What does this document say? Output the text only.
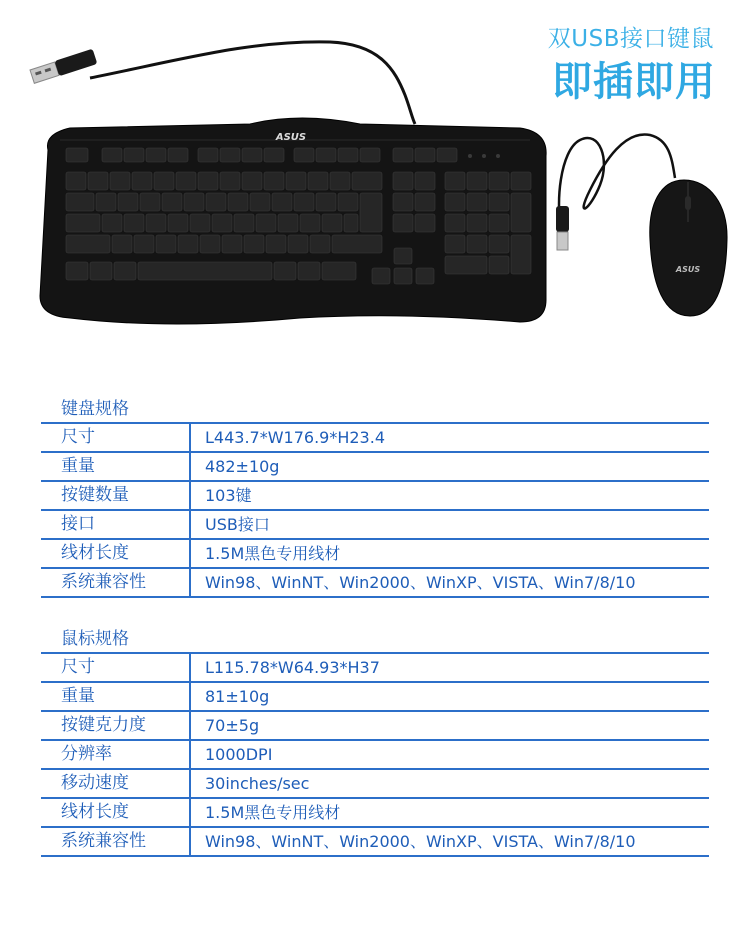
ASUS
ASUS
双USB接口键鼠
即插即用
键盘规格
尺寸	L443.7*W176.9*H23.4
重量	482±10g
按键数量	103键
接口	USB接口
线材长度	1.5M黑色专用线材
系统兼容性	Win98、WinNT、Win2000、WinXP、VISTA、Win7/8/10
鼠标规格
尺寸	L115.78*W64.93*H37
重量	81±10g
按键克力度	70±5g
分辨率	1000DPI
移动速度	30inches/sec
线材长度	1.5M黑色专用线材
系统兼容性	Win98、WinNT、Win2000、WinXP、VISTA、Win7/8/10
